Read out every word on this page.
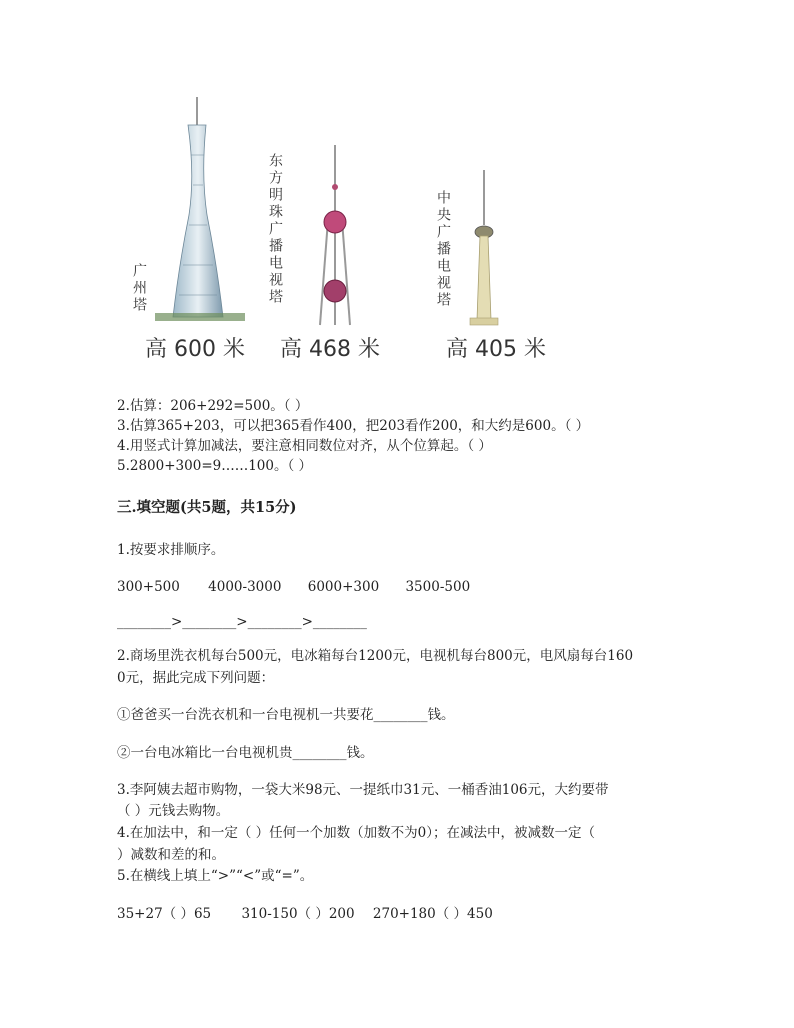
广州塔
高 600 米
东方明珠广播电视塔
高 468 米
中央广播电视塔
高 405 米
2.估算：206+292=500。（ ）
3.估算365+203，可以把365看作400，把203看作200，和大约是600。（ ）
4.用竖式计算加减法，要注意相同数位对齐，从个位算起。（ ）
5.2800+300=9……100。（ ）
三.填空题(共5题，共15分)
1.按要求排顺序。
300+500 4000-3000 6000+300 3500-500
________>________>________>________
2.商场里洗衣机每台500元，电冰箱每台1200元，电视机每台800元，电风扇每台160
0元，据此完成下列问题：
①爸爸买一台洗衣机和一台电视机一共要花________钱。
②一台电冰箱比一台电视机贵________钱。
3.李阿姨去超市购物，一袋大米98元、一提纸巾31元、一桶香油106元，大约要带
（ ）元钱去购物。
4.在加法中，和一定（ ）任何一个加数（加数不为0）；在减法中，被减数一定（
）减数和差的和。
5.在横线上填上“>”“<”或“=”。
35+27（ ）65 310-150（ ）200 270+180（ ）450
